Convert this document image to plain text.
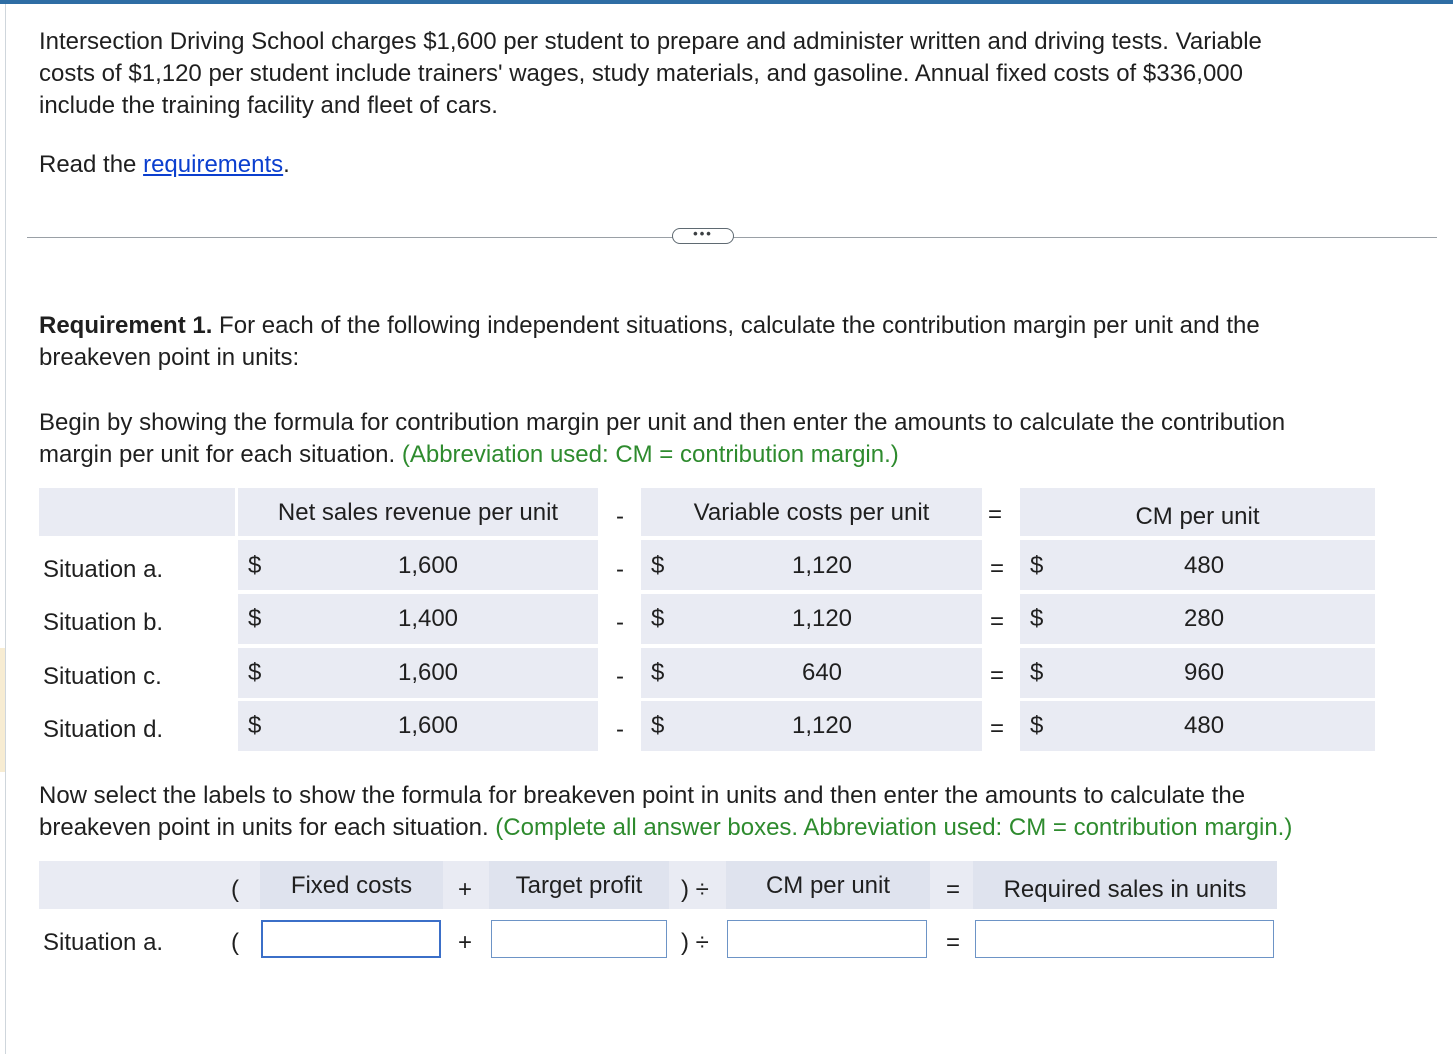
Intersection Driving School charges $1,600 per student to prepare and administer written and driving tests. Variable
costs of $1,120 per student include trainers' wages, study materials, and gasoline. Annual fixed costs of $336,000
include the training facility and fleet of cars.
Read the requirements.
•••
Requirement 1. For each of the following independent situations, calculate the contribution margin per unit and the
breakeven point in units:
Begin by showing the formula for contribution margin per unit and then enter the amounts to calculate the contribution
margin per unit for each situation. (Abbreviation used: CM = contribution margin.)
Net sales revenue per unit	-	Variable costs per unit	=	CM per unit
Situation a.	$	1,600	-	$	1,120	= $	480
Situation b.	$	1,400	-	$	1,120	= $	280
Situation c.	$	1,600	-	$	640	= $	960
Situation d.	$	1,600	-	$	1,120	= $	480
Now select the labels to show the formula for breakeven point in units and then enter the amounts to calculate the
breakeven point in units for each situation. (Complete all answer boxes. Abbreviation used: CM = contribution margin.)
(	Fixed costs	+	Target profit	) ÷	CM per unit	=	Required sales in units
Situation a.	(	+	) ÷	=
